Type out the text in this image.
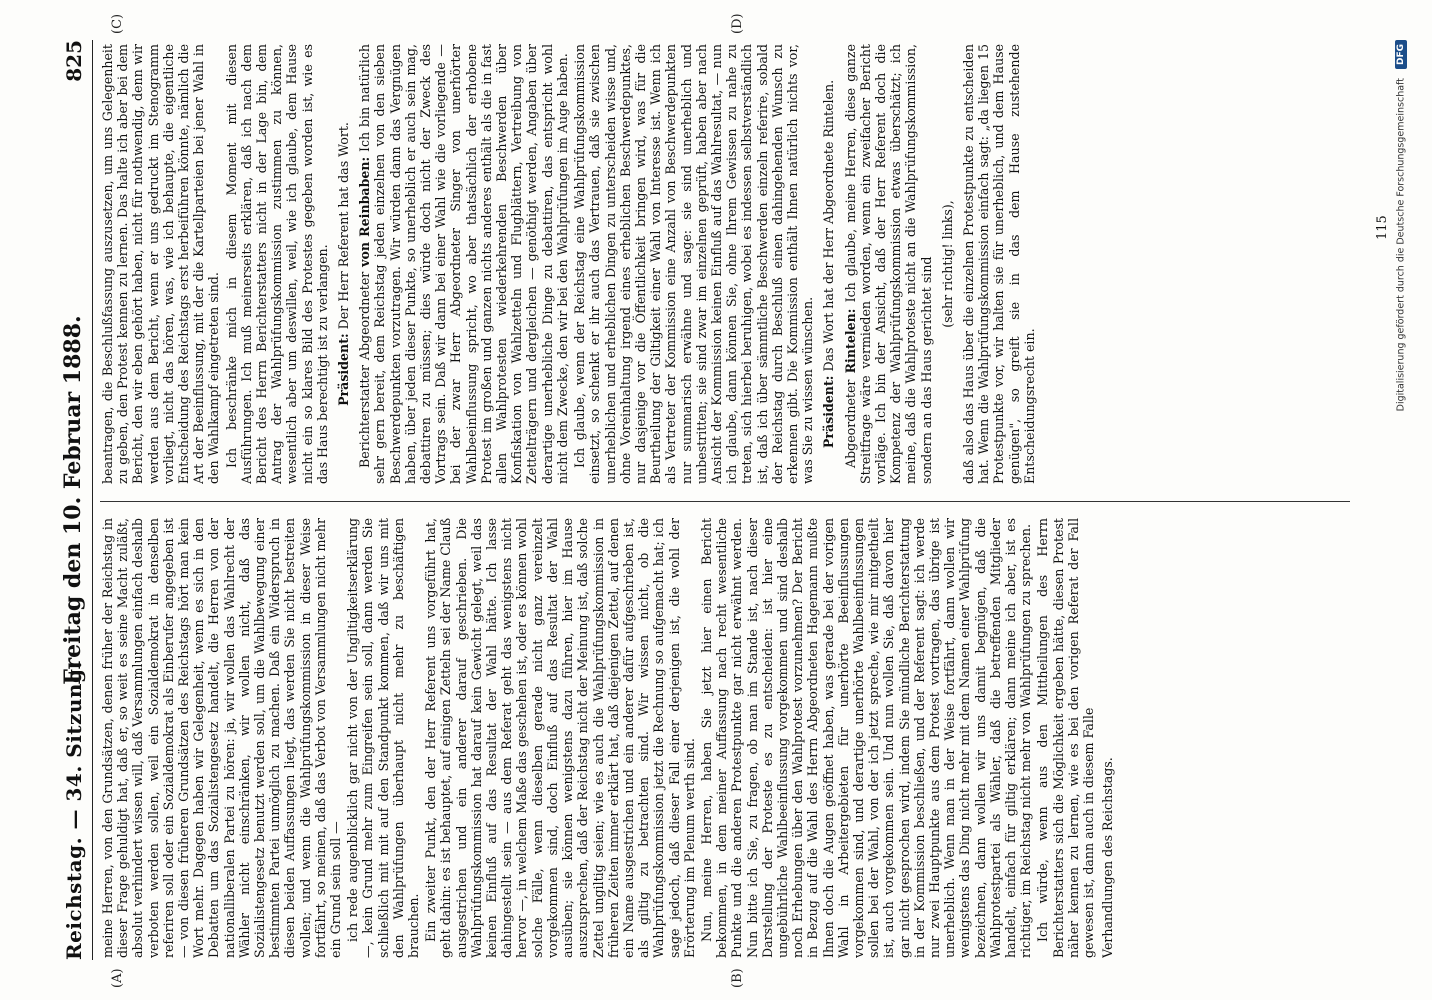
Reichstag. — 34. Sitzung.
Freitag den 10. Februar 1888.
825
(A)	(B)
(C)	(D)

meine Herren, von den Grundsätzen, denen früher der Reichstag in dieser Frage gehuldigt hat, daß er, so weit es seine Macht zuläßt, absolut verhindert wissen will, daß Versammlungen einfach deshalb verboten werden sollen, weil ein Sozialdemokrat in denselben referiren soll oder ein Sozialdemokrat als Einberufer angegeben ist — von diesen früheren Grundsätzen des Reichstags hört man kein Wort mehr. Dagegen haben wir Gelegenheit, wenn es sich in den Debatten um das Sozialistengesetz handelt, die Herren von der nationalliberalen Partei zu hören: ja, wir wollen das Wahlrecht der Wähler nicht einschränken, wir wollen nicht, daß das Sozialistengesetz benutzt werden soll, um die Wahlbewegung einer bestimmten Partei unmöglich zu machen. Daß ein Widerspruch in diesen beiden Auffassungen liegt, das werden Sie nicht bestreiten wollen; und wenn die Wahlprüfungskommission in dieser Weise fortfährt, so meinen, daß das Verbot von Versammlungen nicht mehr ein Grund sein soll — ich rede augenblicklich gar nicht von der Ungiltigkeitserklärung —, kein Grund mehr zum Eingreifen sein soll, dann werden Sie schließlich mit mit auf den Standpunkt kommen, daß wir uns mit den Wahlprüfungen überhaupt nicht mehr zu beschäftigen brauchen. Ein zweiter Punkt, den der Herr Referent uns vorgeführt hat, geht dahin: es ist behauptet, auf einigen Zetteln sei der Name Clauß ausgestrichen und ein anderer darauf geschrieben. Die Wahlprüfungskommission hat darauf kein Gewicht gelegt, weil das keinen Einfluß auf das Resultat der Wahl hätte. Ich lasse dahingestellt sein — aus dem Referat geht das wenigstens nicht hervor —, in welchem Maße das geschehen ist, oder es können wohl solche Fälle, wenn dieselben gerade nicht ganz vereinzelt vorgekommen sind, doch Einfluß auf das Resultat der Wahl ausüben; sie können wenigstens dazu führen, hier im Hause auszusprechen, daß der Reichstag nicht der Meinung ist, daß solche Zettel ungiltig seien; wie es auch die Wahlprüfungskommission in früheren Zeiten immer erklärt hat, daß diejenigen Zettel, auf denen ein Name ausgestrichen und ein anderer dafür aufgeschrieben ist, als giltig zu betrachten sind. Wir wissen nicht, ob die Wahlprüfungskommission jetzt die Rechnung so aufgemacht hat; ich sage jedoch, daß dieser Fall einer derjenigen ist, die wohl der Erörterung im Plenum werth sind. Nun, meine Herren, haben Sie jetzt hier einen Bericht bekommen, in dem meiner Auffassung nach recht wesentliche Punkte und die anderen Protestpunkte gar nicht erwähnt werden. Nun bitte ich Sie, zu fragen, ob man im Stande ist, nach dieser Darstellung der Proteste es zu entscheiden: ist hier eine ungebührliche Wahlbeeinflussung vorgekommen und sind deshalb noch Erhebungen über den Wahlprotest vorzunehmen? Der Bericht in Bezug auf die Wahl des Herrn Abgeordneten Hagemann mußte Ihnen doch die Augen geöffnet haben, was gerade bei der vorigen Wahl in Arbeitergebieten für unerhörte Beeinflussungen vorgekommen sind, und derartige unerhörte Wahlbeeinflussungen sollen bei der Wahl, von der ich jetzt spreche, wie mir mitgetheilt ist, auch vorgekommen sein. Und nun wollen Sie, daß davon hier gar nicht gesprochen wird, indem Sie mündliche Berichterstattung in der Kommission beschließen, und der Referent sagt: ich werde nur zwei Hauptpunkte aus dem Protest vortragen, das übrige ist unerheblich. Wenn man in der Weise fortfährt, dann wollen wir wenigstens das Ding nicht mehr mit dem Namen einer Wahlprüfung bezeichnen, dann wollen wir uns damit begnügen, daß die Wahlprotestpartei als Wähler, daß die betreffenden Mitglieder handelt, einfach für giltig erklären; dann meine ich aber, ist es richtiger, im Reichstag nicht mehr von Wahlprüfungen zu sprechen. Ich würde, wenn aus den Mittheilungen des Herrn Berichterstatters sich die Möglichkeit ergeben hätte, diesen Protest näher kennen zu lernen, wie es bei den vorigen Referat der Fall gewesen ist, dann auch in diesem Falle Verhandlungen des Reichstags.

beantragen, die Beschlußfassung auszusetzen, um uns Gelegenheit zu geben, den Protest kennen zu lernen. Das halte ich aber bei dem Bericht, den wir eben gehört haben, nicht für nothwendig, denn wir werden aus dem Bericht, wenn er uns gedruckt im Stenogramm vorliegt, nicht das hören, was, wie ich behaupte, die eigentliche Entscheidung des Reichstags erst herbeiführen könnte, nämlich die Art der Beeinflussung, mit der die Kartellparteien bei jener Wahl in den Wahlkampf eingetreten sind. Ich beschränke mich in diesem Moment mit diesen Ausführungen. Ich muß meinerseits erklären, daß ich nach dem Bericht des Herrn Berichterstatters nicht in der Lage bin, dem Antrag der Wahlprüfungskommission zustimmen zu können, wesentlich aber um deswillen, weil, wie ich glaube, dem Hause nicht ein so klares Bild des Protestes gegeben worden ist, wie es das Haus berechtigt ist zu verlangen. Präsident: Der Herr Referent hat das Wort.

Berichterstatter Abgeordneter von Reinbaben: Ich bin natürlich sehr gern bereit, dem Reichstag jeden einzelnen von den sieben Beschwerdepunkten vorzutragen. Wir würden dann das Vergnügen haben, über jeden dieser Punkte, so unerheblich er auch sein mag, debattiren zu müssen; dies würde doch nicht der Zweck des Vortrags sein. Daß wir dann bei einer Wahl wie die vorliegende — bei der zwar Herr Abgeordneter Singer von unerhörter Wahlbeeinflussung spricht, wo aber thatsächlich der erhobene Protest im großen und ganzen nichts anderes enthält als die in fast allen Wahlprotesten wiederkehrenden Beschwerden über Konfiskation von Wahlzetteln und Flugblättern, Vertreibung von Zettelträgern und dergleichen — genöthigt werden, Angaben über derartige unerhebliche Dinge zu debattiren, das entspricht wohl nicht dem Zwecke, den wir bei den Wahlprüfungen im Auge haben. Ich glaube, wenn der Reichstag eine Wahlprüfungskommission einsetzt, so schenkt er ihr auch das Vertrauen, daß sie zwischen unerheblichen und erheblichen Dingen zu unterscheiden wisse und, ohne Voreinhaltung irgend eines erheblichen Beschwerdepunktes, nur dasjenige vor die Öffentlichkeit bringen wird, was für die Beurtheilung der Giltigkeit einer Wahl von Interesse ist. Wenn ich als Vertreter der Kommission eine Anzahl von Beschwerdepunkten nur summarisch erwähne und sage: sie sind unerheblich und unbestritten; sie sind zwar im einzelnen geprüft, haben aber nach Ansicht der Kommission keinen Einfluß auf das Wahlresultat, — nun ich glaube, dann können Sie, ohne Ihrem Gewissen zu nahe zu treten, sich hierbei beruhigen, wobei es indessen selbstverständlich ist, daß ich über sämmtliche Beschwerden einzeln referire, sobald der Reichstag durch Beschluß einen dahingehenden Wunsch zu erkennen gibt. Die Kommission enthält Ihnen natürlich nichts vor, was Sie zu wissen wünschen. Präsident: Das Wort hat der Herr Abgeordnete Rintelen.

Abgeordneter Rintelen: Ich glaube, meine Herren, diese ganze Streitfrage wäre vermieden worden, wenn ein zweifacher Bericht vorläge. Ich bin der Ansicht, daß der Herr Referent doch die Kompetenz der Wahlprüfungskommission etwas überschätzt; ich meine, daß die Wahlproteste nicht an die Wahlprüfungskommission, sondern an das Haus gerichtet sind (sehr richtig! links), daß also das Haus über die einzelnen Protestpunkte zu entscheiden hat. Wenn die Wahlprüfungskommission einfach sagt: „da liegen 15 Protestpunkte vor, wir halten sie für unerheblich, und dem Hause genügen", so greift sie in das dem Hause zustehende Entscheidungsrecht ein.

115 Digitalisierung gefördert durch die Deutsche Forschungsgemeinschaft DFG
